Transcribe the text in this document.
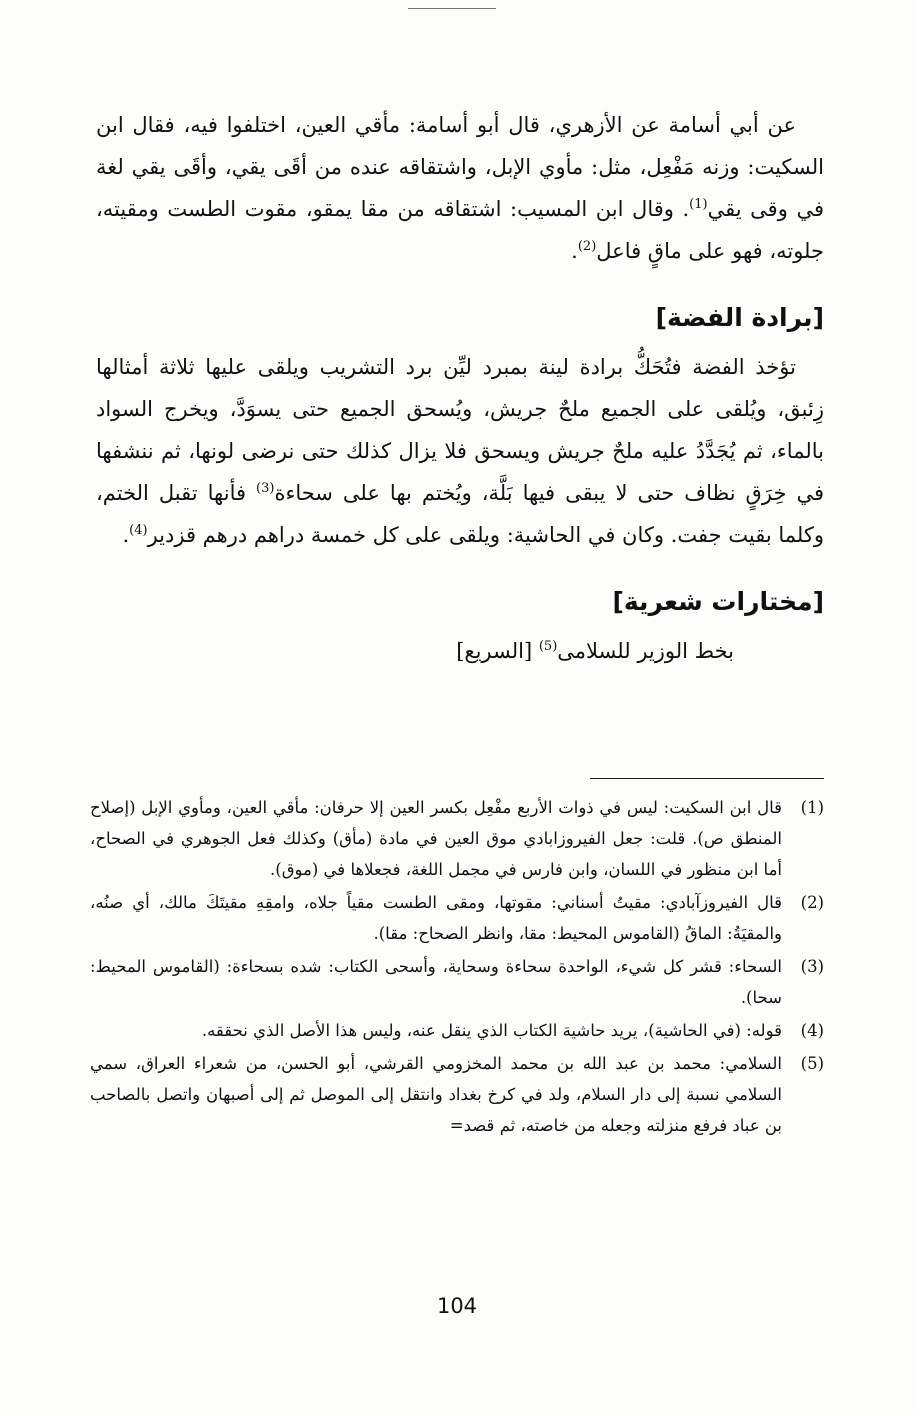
عن أبي أسامة عن الأزهري، قال أبو أسامة: مأقي العين، اختلفوا فيه، فقال ابن السكيت: وزنه مَفْعِل، مثل: مأوي الإبل، واشتقاقه عنده من أقَى يقي، وأقَى يقي لغة في وقى يقي$^{(1)}$. وقال ابن المسيب: اشتقاقه من مقا يمقو، مقوت الطست ومقيته، جلوته، فهو على ماقٍ فاعل$^{(2)}$.

[برادة الفضة]

تؤخذ الفضة فتُحَكُّ برادة لينة بمبرد ليِّن برد التشريب ويلقى عليها ثلاثة أمثالها زِئبق، ويُلقى على الجميع ملحٌ جريش، ويُسحق الجميع حتى يسوَدَّ، ويخرج السواد بالماء، ثم يُجَدَّدُ عليه ملحٌ جريش ويسحق فلا يزال كذلك حتى نرضى لونها، ثم ننشفها في خِرَقٍ نظاف حتى لا يبقى فيها بَلَّة، ويُختم بها على سحاءة$^{(3)}$ فأنها تقبل الختم، وكلما بقيت جفت. وكان في الحاشية: ويلقى على كل خمسة دراهم درهم قزدير$^{(4)}$.

[مختارات شعرية]

بخط الوزير للسلامى$^{(5)}$ [السريع]

(1)
قال ابن السكيت: ليس في ذوات الأربع مفْعِل بكسر العين إلا حرفان: مأقي العين، ومأوي الإبل (إصلاح المنطق ص). قلت: جعل الفيروزابادي موق العين في مادة (مأق) وكذلك فعل الجوهري في الصحاح، أما ابن منظور في اللسان، وابن فارس في مجمل اللغة، فجعلاها في (موق).
(2)
قال الفيروزآبادي: مقيتُ أسناني: مقوتها، ومقى الطست مقياً جلاه، وامقِهِ مقيتَكَ مالك، أي صنُه، والمقيَةُ: الماقُ (القاموس المحيط: مقا، وانظر الصحاح: مقا).
(3)
السحاء: قشر كل شيء، الواحدة سحاءة وسحاية، وأسحى الكتاب: شده بسحاءة: (القاموس المحيط: سحا).
(4)
قوله: (في الحاشية)، يريد حاشية الكتاب الذي ينقل عنه، وليس هذا الأصل الذي نحققه.
(5)
السلامي: محمد بن عبد الله بن محمد المخزومي القرشي، أبو الحسن، من شعراء العراق، سمي السلامي نسبة إلى دار السلام، ولد في كرخ بغداد وانتقل إلى الموصل ثم إلى أصبهان واتصل بالصاحب بن عباد فرفع منزلته وجعله من خاصته، ثم قصد=
104
